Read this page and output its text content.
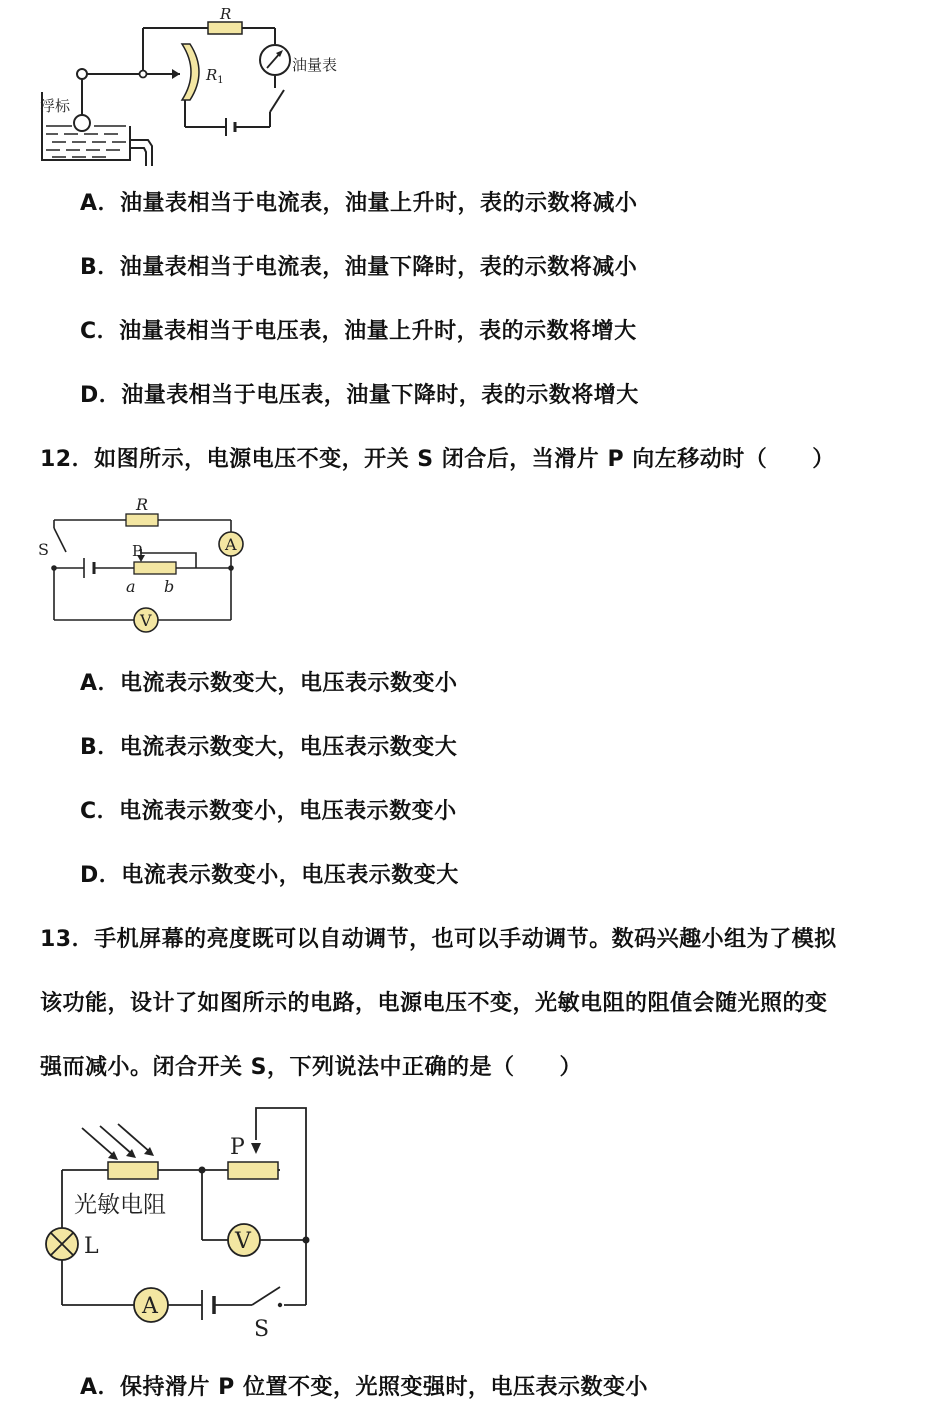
R
$R_1$
油量表
浮标
A．油量表相当于电流表，油量上升时，表的示数将减小
B．油量表相当于电流表，油量下降时，表的示数将减小
C．油量表相当于电压表，油量上升时，表的示数将增大
D．油量表相当于电压表，油量下降时，表的示数将增大
12．如图所示，电源电压不变，开关 S 闭合后，当滑片 P 向左移动时（　　）
A
V
R
S	P
a b
A．电流表示数变大，电压表示数变小
B．电流表示数变大，电压表示数变大
C．电流表示数变小，电压表示数变小
D．电流表示数变小，电压表示数变大
13．手机屏幕的亮度既可以自动调节，也可以手动调节。数码兴趣小组为了模拟
该功能，设计了如图所示的电路，电源电压不变，光敏电阻的阻值会随光照的变
强而减小。闭合开关 S，下列说法中正确的是（　　）
V
A
P
L
S
光敏电阻
A．保持滑片 P 位置不变，光照变强时，电压表示数变小
